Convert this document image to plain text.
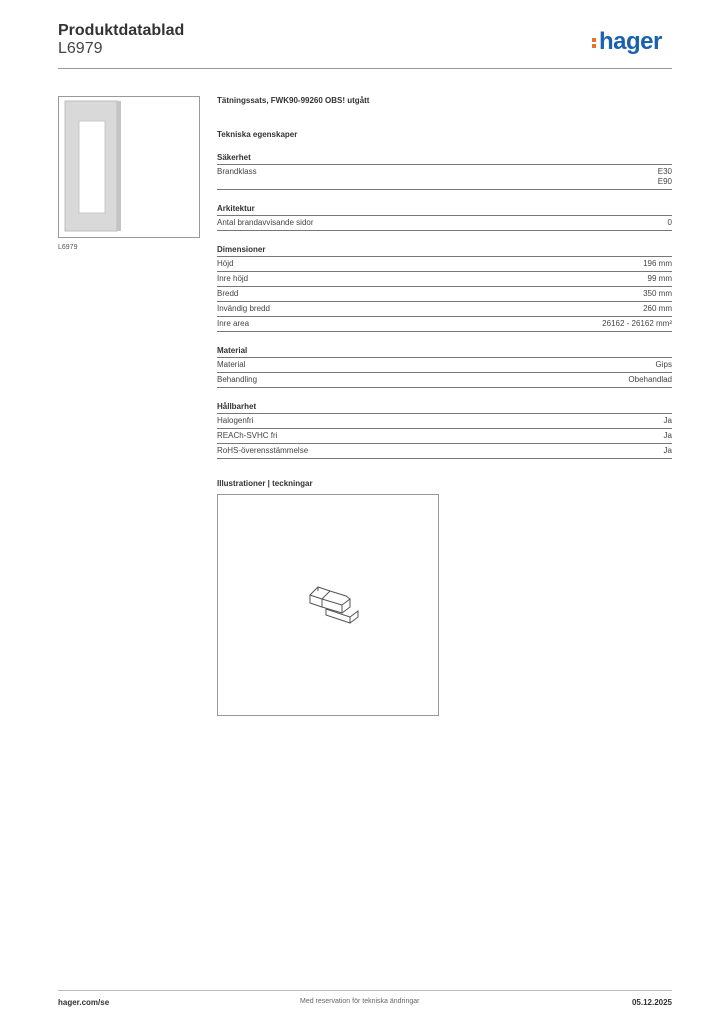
Produktdatablad
L6979	hager
L6979
Tätningssats, FWK90-99260 OBS! utgått
Tekniska egenskaper
Säkerhet
Brandklass	E30
E90
Arkitektur
Antal brandavvisande sidor	0
Dimensioner
Höjd	196 mm
Inre höjd	99 mm
Bredd	350 mm
Invändig bredd	260 mm
Inre area	26162 - 26162 mm²
Material
Material	Gips
Behandling	Obehandlad
Hållbarhet
Halogenfri	Ja
REACh-SVHC fri	Ja
RoHS-överensstämmelse	Ja
Illustrationer | teckningar
hager.com/se	Med reservation för tekniska ändringar	05.12.2025
